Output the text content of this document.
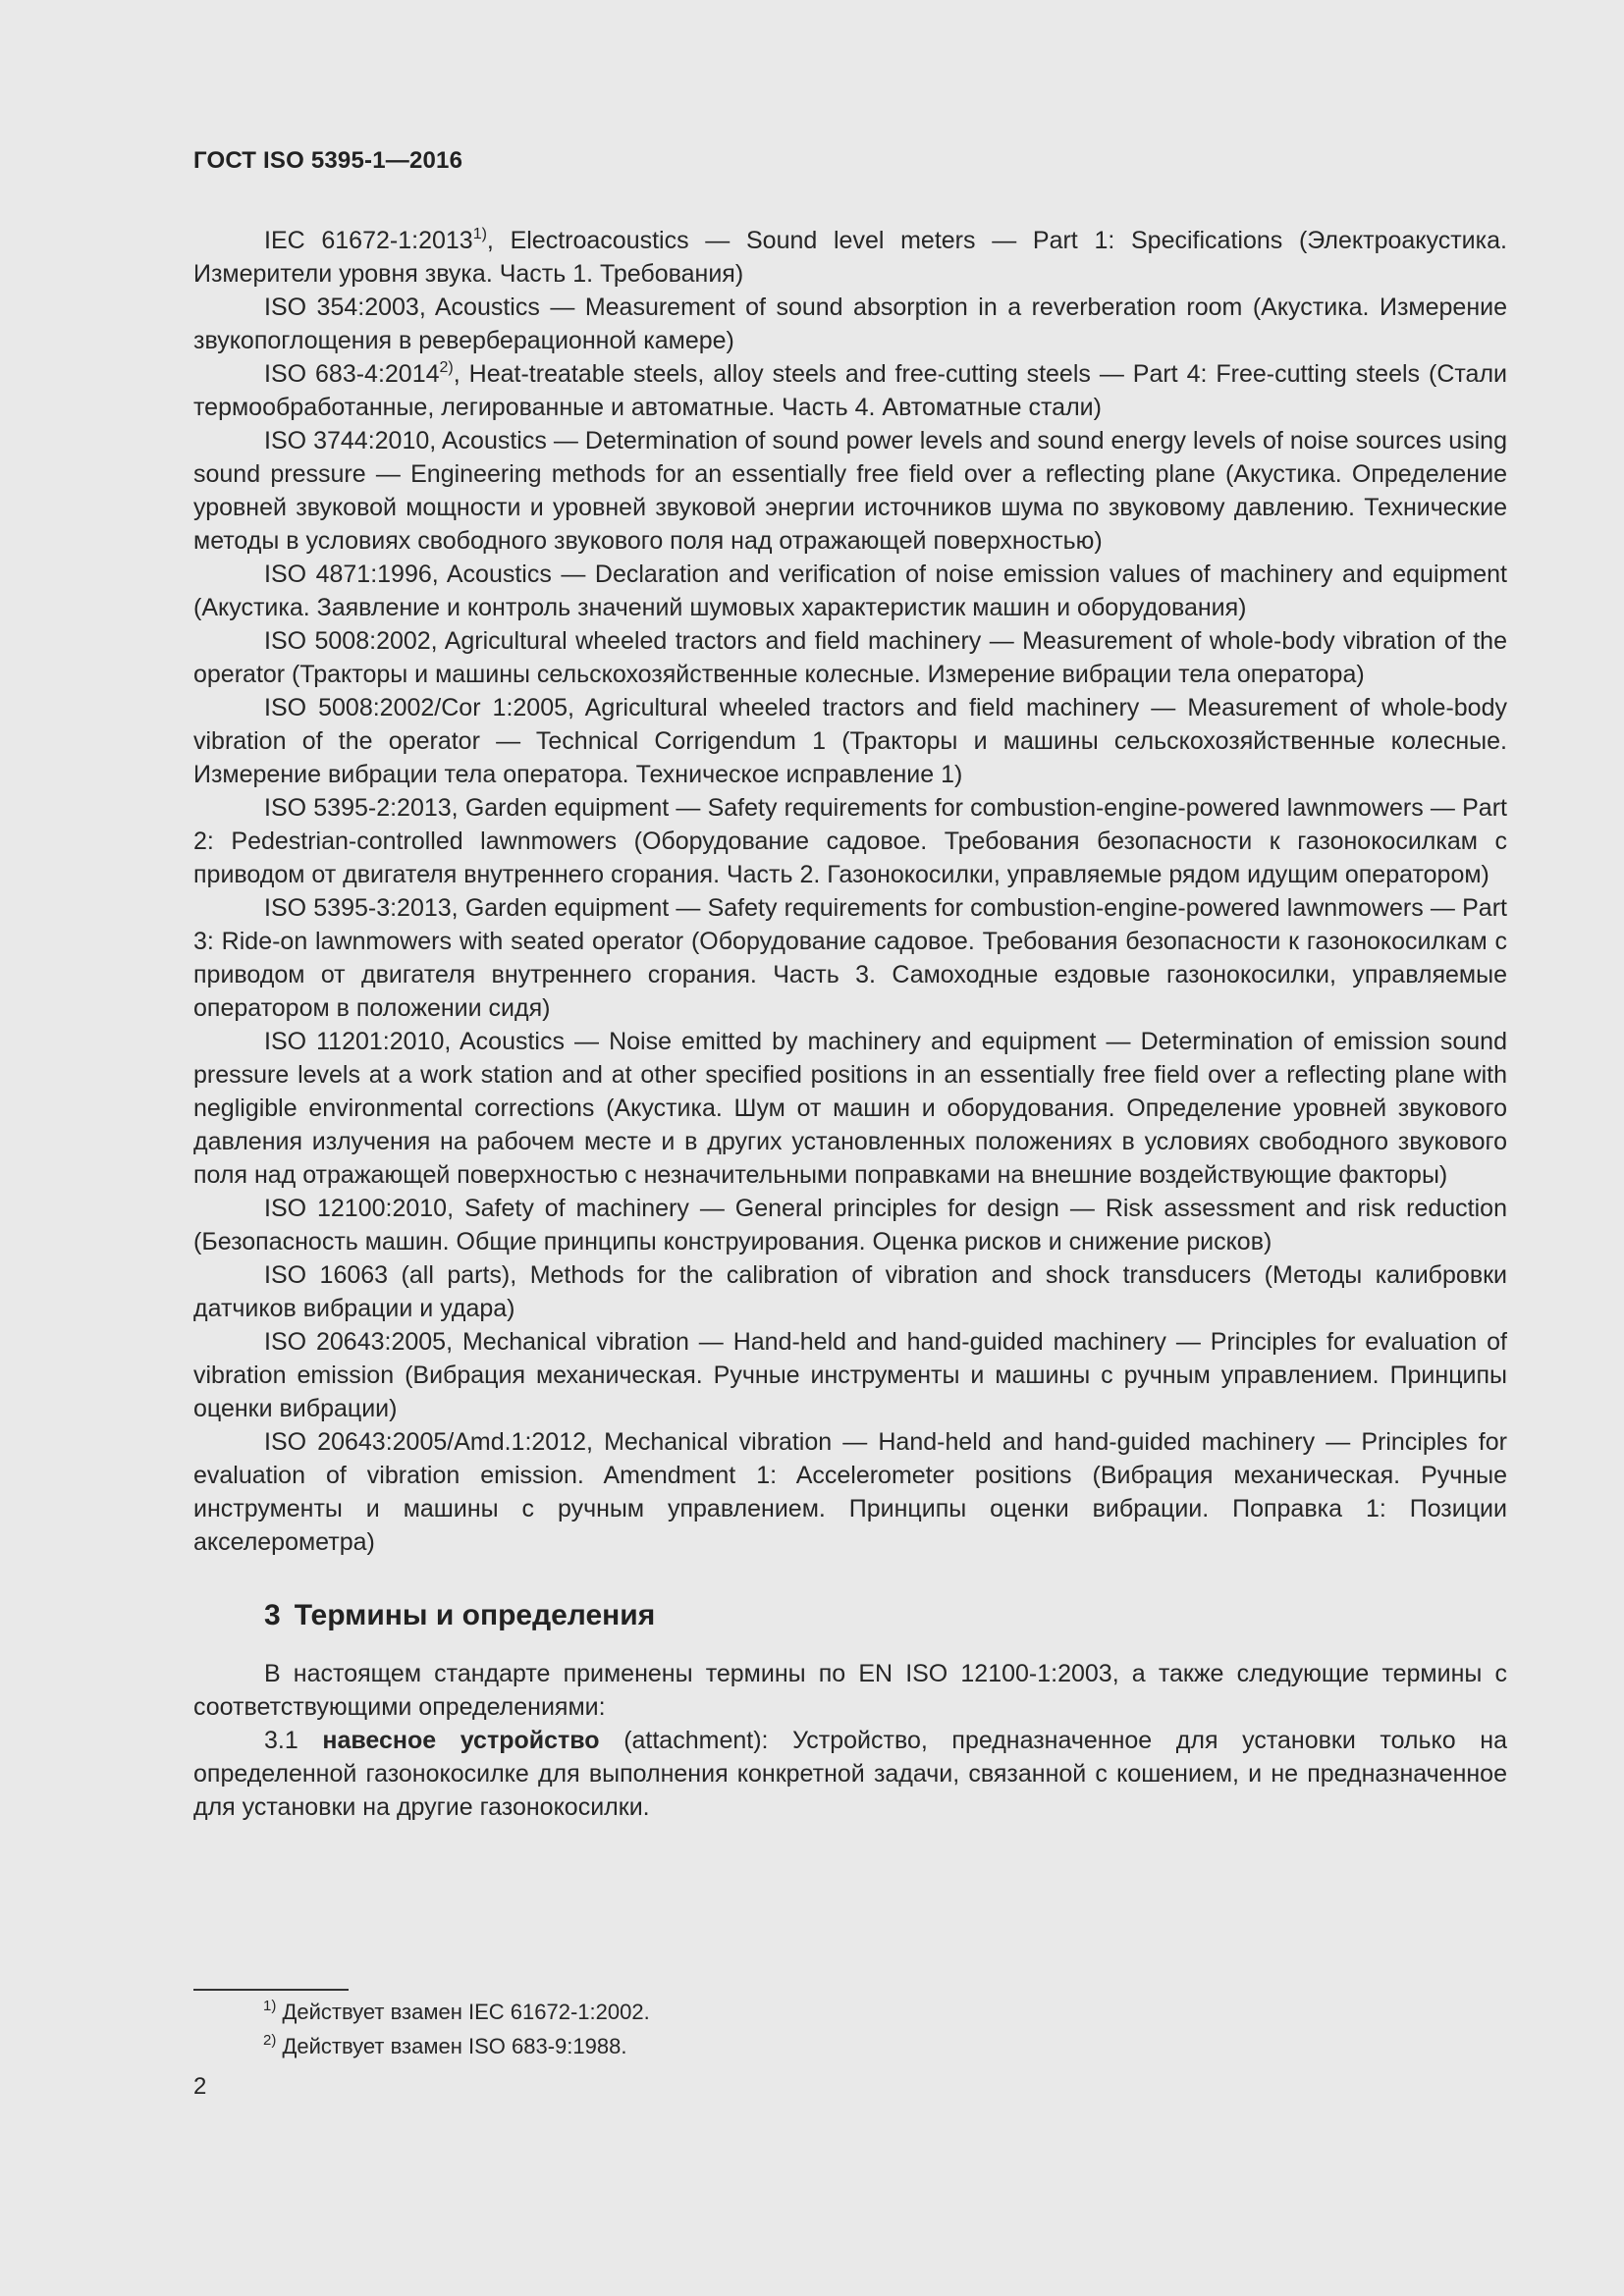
ГОСТ ISO 5395-1—2016

IEC 61672-1:2013$^{1)}$, Electroacoustics — Sound level meters — Part 1: Specifications (Электроакустика. Измерители уровня звука. Часть 1. Требования)

ISO 354:2003, Acoustics — Measurement of sound absorption in a reverberation room (Акустика. Измерение звукопоглощения в реверберационной камере)

ISO 683-4:2014$^{2)}$, Heat-treatable steels, alloy steels and free-cutting steels — Part 4: Free-cutting steels (Стали термообработанные, легированные и автоматные. Часть 4. Автоматные стали)

ISO 3744:2010, Acoustics — Determination of sound power levels and sound energy levels of noise sources using sound pressure — Engineering methods for an essentially free field over a reflecting plane (Акустика. Определение уровней звуковой мощности и уровней звуковой энергии источников шума по звуковому давлению. Технические методы в условиях свободного звукового поля над отражающей поверхностью)

ISO 4871:1996, Acoustics — Declaration and verification of noise emission values of machinery and equipment (Акустика. Заявление и контроль значений шумовых характеристик машин и оборудования)

ISO 5008:2002, Agricultural wheeled tractors and field machinery — Measurement of whole-body vibration of the operator (Тракторы и машины сельскохозяйственные колесные. Измерение вибрации тела оператора)

ISO 5008:2002/Cor 1:2005, Agricultural wheeled tractors and field machinery — Measurement of whole-body vibration of the operator — Technical Corrigendum 1 (Тракторы и машины сельскохозяйственные колесные. Измерение вибрации тела оператора. Техническое исправление 1)

ISO 5395-2:2013, Garden equipment — Safety requirements for combustion-engine-powered lawnmowers — Part 2: Pedestrian-controlled lawnmowers (Оборудование садовое. Требования безопасности к газонокосилкам с приводом от двигателя внутреннего сгорания. Часть 2. Газонокосилки, управляемые рядом идущим оператором)

ISO 5395-3:2013, Garden equipment — Safety requirements for combustion-engine-powered lawnmowers — Part 3: Ride-on lawnmowers with seated operator (Оборудование садовое. Требования безопасности к газонокосилкам с приводом от двигателя внутреннего сгорания. Часть 3. Самоходные ездовые газонокосилки, управляемые оператором в положении сидя)

ISO 11201:2010, Acoustics — Noise emitted by machinery and equipment — Determination of emission sound pressure levels at a work station and at other specified positions in an essentially free field over a reflecting plane with negligible environmental corrections (Акустика. Шум от машин и оборудования. Определение уровней звукового давления излучения на рабочем месте и в других установленных положениях в условиях свободного звукового поля над отражающей поверхностью с незначительными поправками на внешние воздействующие факторы)

ISO 12100:2010, Safety of machinery — General principles for design — Risk assessment and risk reduction (Безопасность машин. Общие принципы конструирования. Оценка рисков и снижение рисков)

ISO 16063 (all parts), Methods for the calibration of vibration and shock transducers (Методы калибровки датчиков вибрации и удара)

ISO 20643:2005, Mechanical vibration — Hand-held and hand-guided machinery — Principles for evaluation of vibration emission (Вибрация механическая. Ручные инструменты и машины с ручным управлением. Принципы оценки вибрации)

ISO 20643:2005/Amd.1:2012, Mechanical vibration — Hand-held and hand-guided machinery — Principles for evaluation of vibration emission. Amendment 1: Accelerometer positions (Вибрация механическая. Ручные инструменты и машины с ручным управлением. Принципы оценки вибрации. Поправка 1: Позиции акселерометра)

3 Термины и определения

В настоящем стандарте применены термины по EN ISO 12100-1:2003, а также следующие термины с соответствующими определениями:

3.1 навесное устройство (attachment): Устройство, предназначенное для установки только на определенной газонокосилке для выполнения конкретной задачи, связанной с кошением, и не предназначенное для установки на другие газонокосилки.

$^{1)}$ Действует взамен IEC 61672-1:2002.
$^{2)}$ Действует взамен ISO 683-9:1988.
2
